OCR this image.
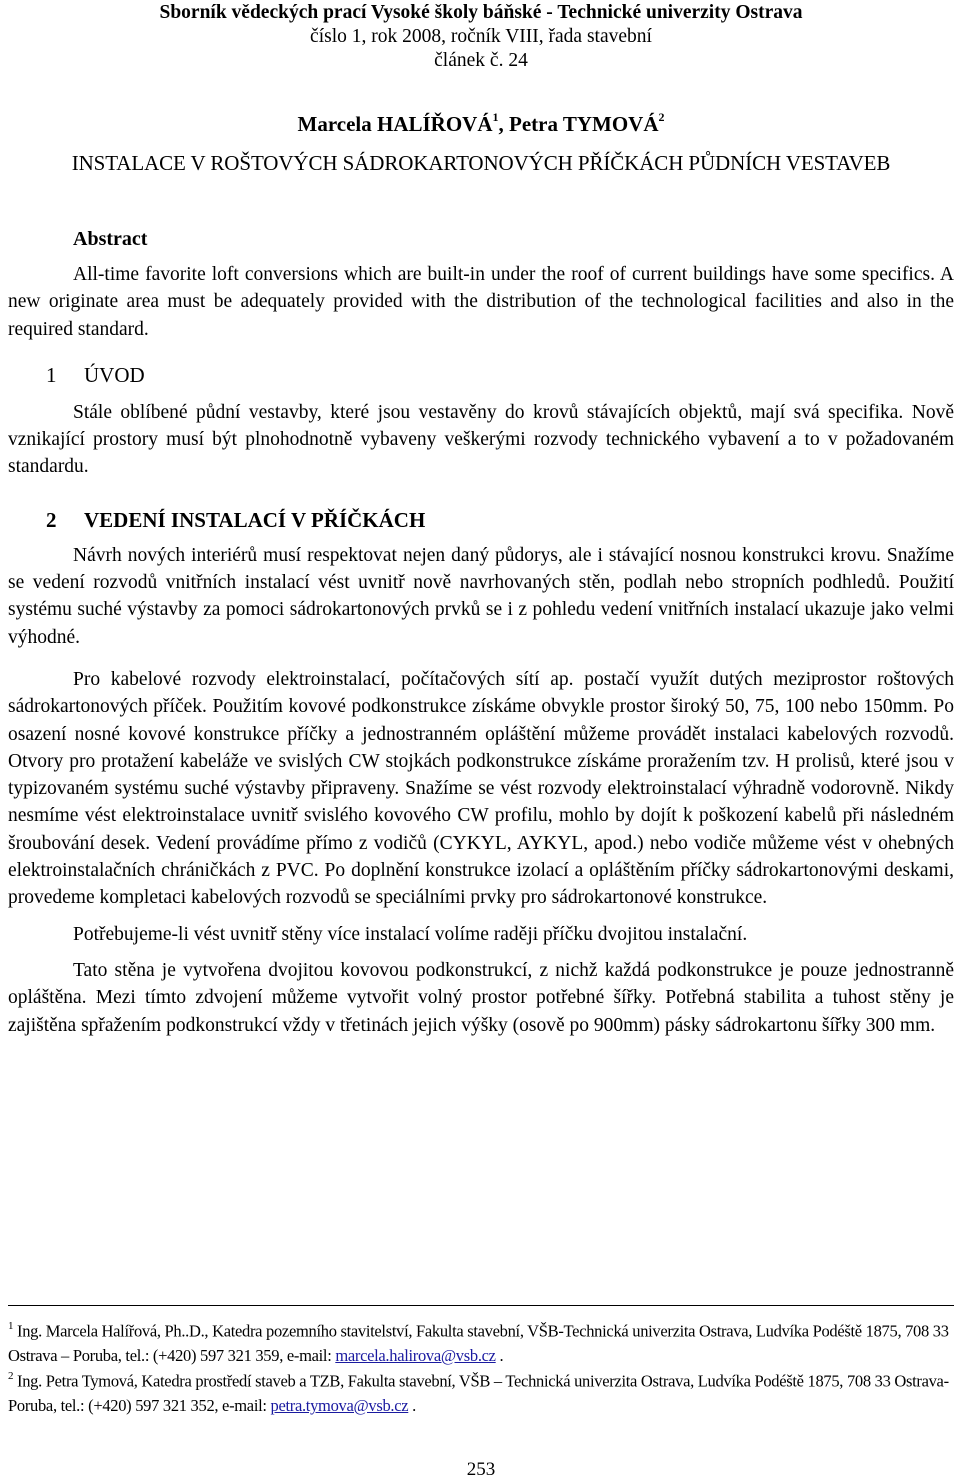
Sborník vědeckých prací Vysoké školy báňské - Technické univerzity Ostrava
číslo 1, rok 2008, ročník VIII, řada stavební
článek č. 24
Marcela HALÍŘOVÁ$^1$, Petra TYMOVÁ$^2$
INSTALACE V ROŠTOVÝCH SÁDROKARTONOVÝCH PŘÍČKÁCH PŮDNÍCH VESTAVEB
Abstract

All-time favorite loft conversions which are built-in under the roof of current buildings have some specifics. A new originate area must be adequately provided with the distribution of the technological facilities and also in the required standard.

1 ÚVOD

Stále oblíbené půdní vestavby, které jsou vestavěny do krovů stávajících objektů, mají svá specifika. Nově vznikající prostory musí být plnohodnotně vybaveny veškerými rozvody technického vybavení a to v požadovaném standardu.

2 VEDENÍ INSTALACÍ V PŘÍČKÁCH

Návrh nových interiérů musí respektovat nejen daný půdorys, ale i stávající nosnou konstrukci krovu. Snažíme se vedení rozvodů vnitřních instalací vést uvnitř nově navrhovaných stěn, podlah nebo stropních podhledů. Použití systému suché výstavby za pomoci sádrokartonových prvků se i z pohledu vedení vnitřních instalací ukazuje jako velmi výhodné.

Pro kabelové rozvody elektroinstalací, počítačových sítí ap. postačí využít dutých meziprostor roštových sádrokartonových příček. Použitím kovové podkonstrukce získáme obvykle prostor široký 50, 75, 100 nebo 150mm. Po osazení nosné kovové konstrukce příčky a jednostranném opláštění můžeme provádět instalaci kabelových rozvodů. Otvory pro protažení kabeláže ve svislých CW stojkách podkonstrukce získáme proražením tzv. H prolisů, které jsou v typizovaném systému suché výstavby připraveny. Snažíme se vést rozvody elektroinstalací výhradně vodorovně. Nikdy nesmíme vést elektroinstalace uvnitř svislého kovového CW profilu, mohlo by dojít k poškození kabelů při následném šroubování desek. Vedení provádíme přímo z vodičů (CYKYL, AYKYL, apod.) nebo vodiče můžeme vést v ohebných elektroinstalačních chráničkách z PVC. Po doplnění konstrukce izolací a opláštěním příčky sádrokartonovými deskami, provedeme kompletaci kabelových rozvodů se speciálními prvky pro sádrokartonové konstrukce.

Potřebujeme-li vést uvnitř stěny více instalací volíme raději příčku dvojitou instalační.

Tato stěna je vytvořena dvojitou kovovou podkonstrukcí, z nichž každá podkonstrukce je pouze jednostranně opláštěna. Mezi tímto zdvojení můžeme vytvořit volný prostor potřebné šířky. Potřebná stabilita a tuhost stěny je zajištěna spřažením podkonstrukcí vždy v třetinách jejich výšky (osově po 900mm) pásky sádrokartonu šířky 300 mm.

$^1$ Ing. Marcela Halířová, Ph..D., Katedra pozemního stavitelství, Fakulta stavební, VŠB-Technická univerzita Ostrava, Ludvíka Podéště 1875, 708 33 Ostrava – Poruba, tel.: (+420) 597 321 359, e-mail: marcela.halirova@vsb.cz .
$^2$ Ing. Petra Tymová, Katedra prostředí staveb a TZB, Fakulta stavební, VŠB – Technická univerzita Ostrava, Ludvíka Podéště 1875, 708 33 Ostrava-Poruba, tel.: (+420) 597 321 352, e-mail: petra.tymova@vsb.cz .
253
